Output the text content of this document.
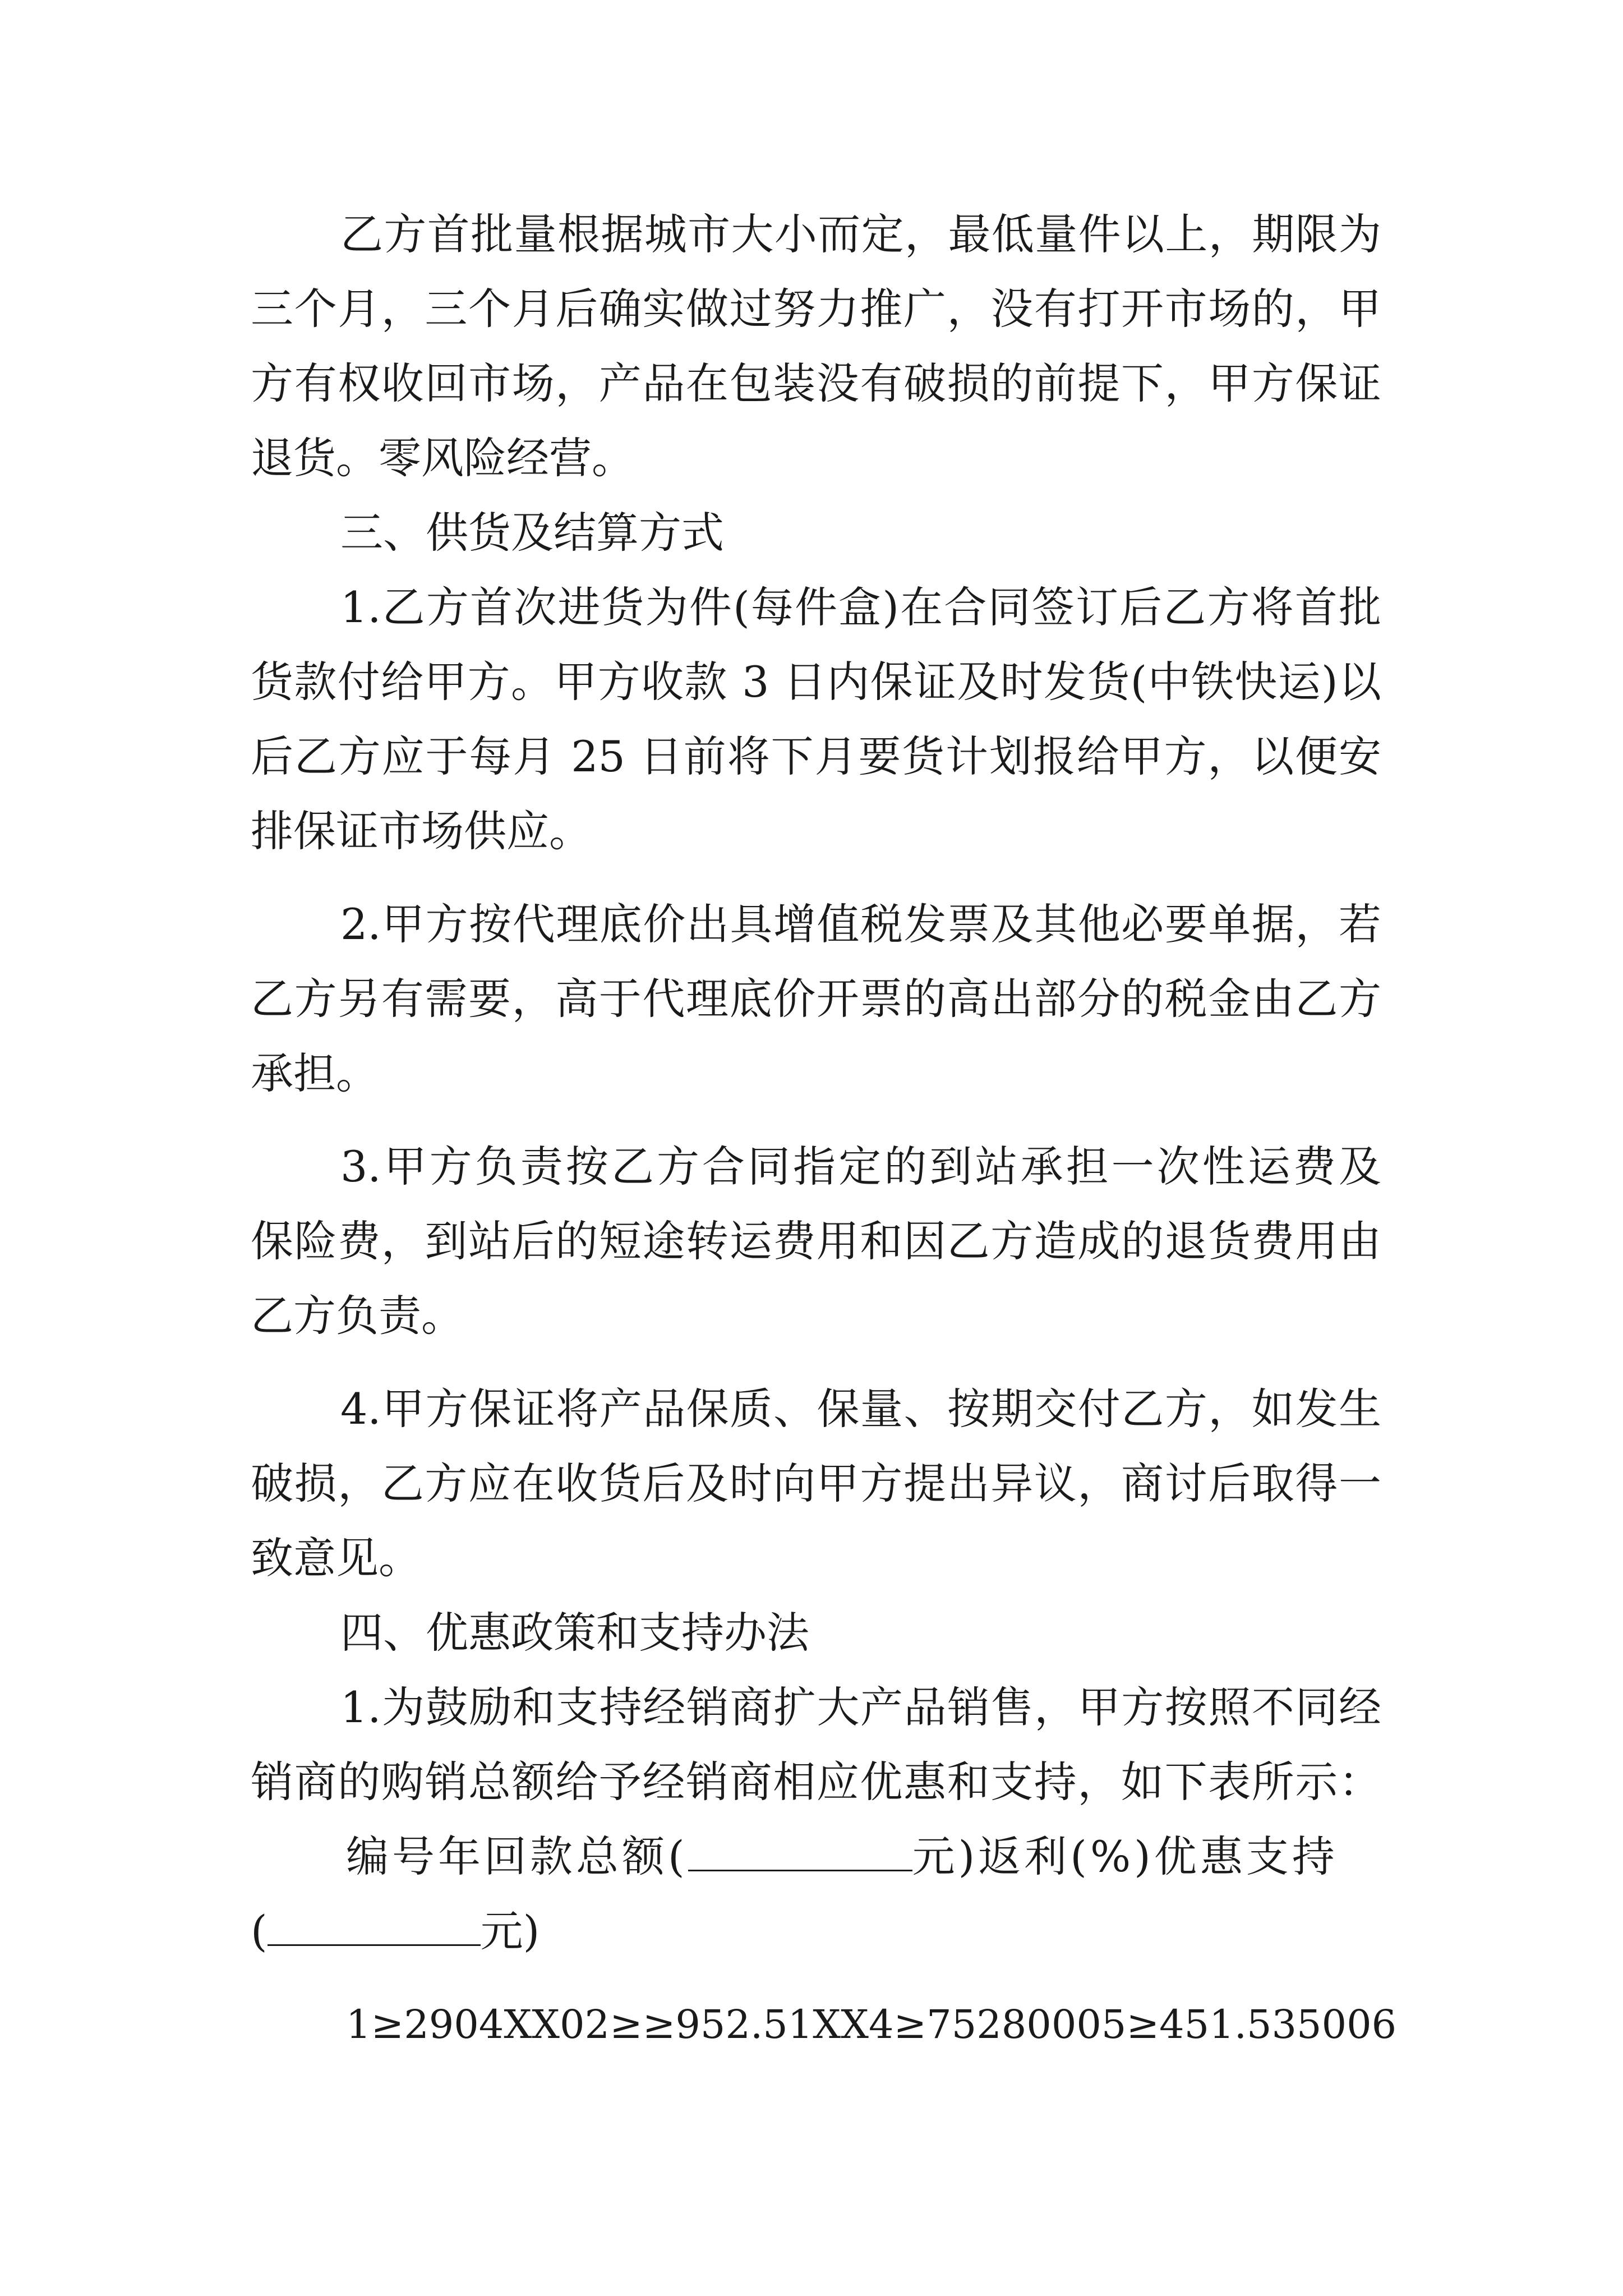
乙方首批量根据城市大小而定，最低量件以上，期限为
三个月，三个月后确实做过努力推广，没有打开市场的，甲
方有权收回市场，产品在包装没有破损的前提下，甲方保证
退货。零风险经营。
三、供货及结算方式
1.乙方首次进货为件(每件盒)在合同签订后乙方将首批
货款付给甲方。甲方收款 3 日内保证及时发货(中铁快运)以
后乙方应于每月 25 日前将下月要货计划报给甲方，以便安
排保证市场供应。
2.甲方按代理底价出具增值税发票及其他必要单据，若
乙方另有需要，高于代理底价开票的高出部分的税金由乙方
承担。
3.甲方负责按乙方合同指定的到站承担一次性运费及
保险费，到站后的短途转运费用和因乙方造成的退货费用由
乙方负责。
4.甲方保证将产品保质、保量、按期交付乙方，如发生
破损，乙方应在收货后及时向甲方提出异议，商讨后取得一
致意见。
四、优惠政策和支持办法
1.为鼓励和支持经销商扩大产品销售，甲方按照不同经
销商的购销总额给予经销商相应优惠和支持，如下表所示：
编号年回款总额(	元)返利(%)优惠支持
(	元)
1≥2904XX02≥≥952.51XX4≥75280005≥451.535006
